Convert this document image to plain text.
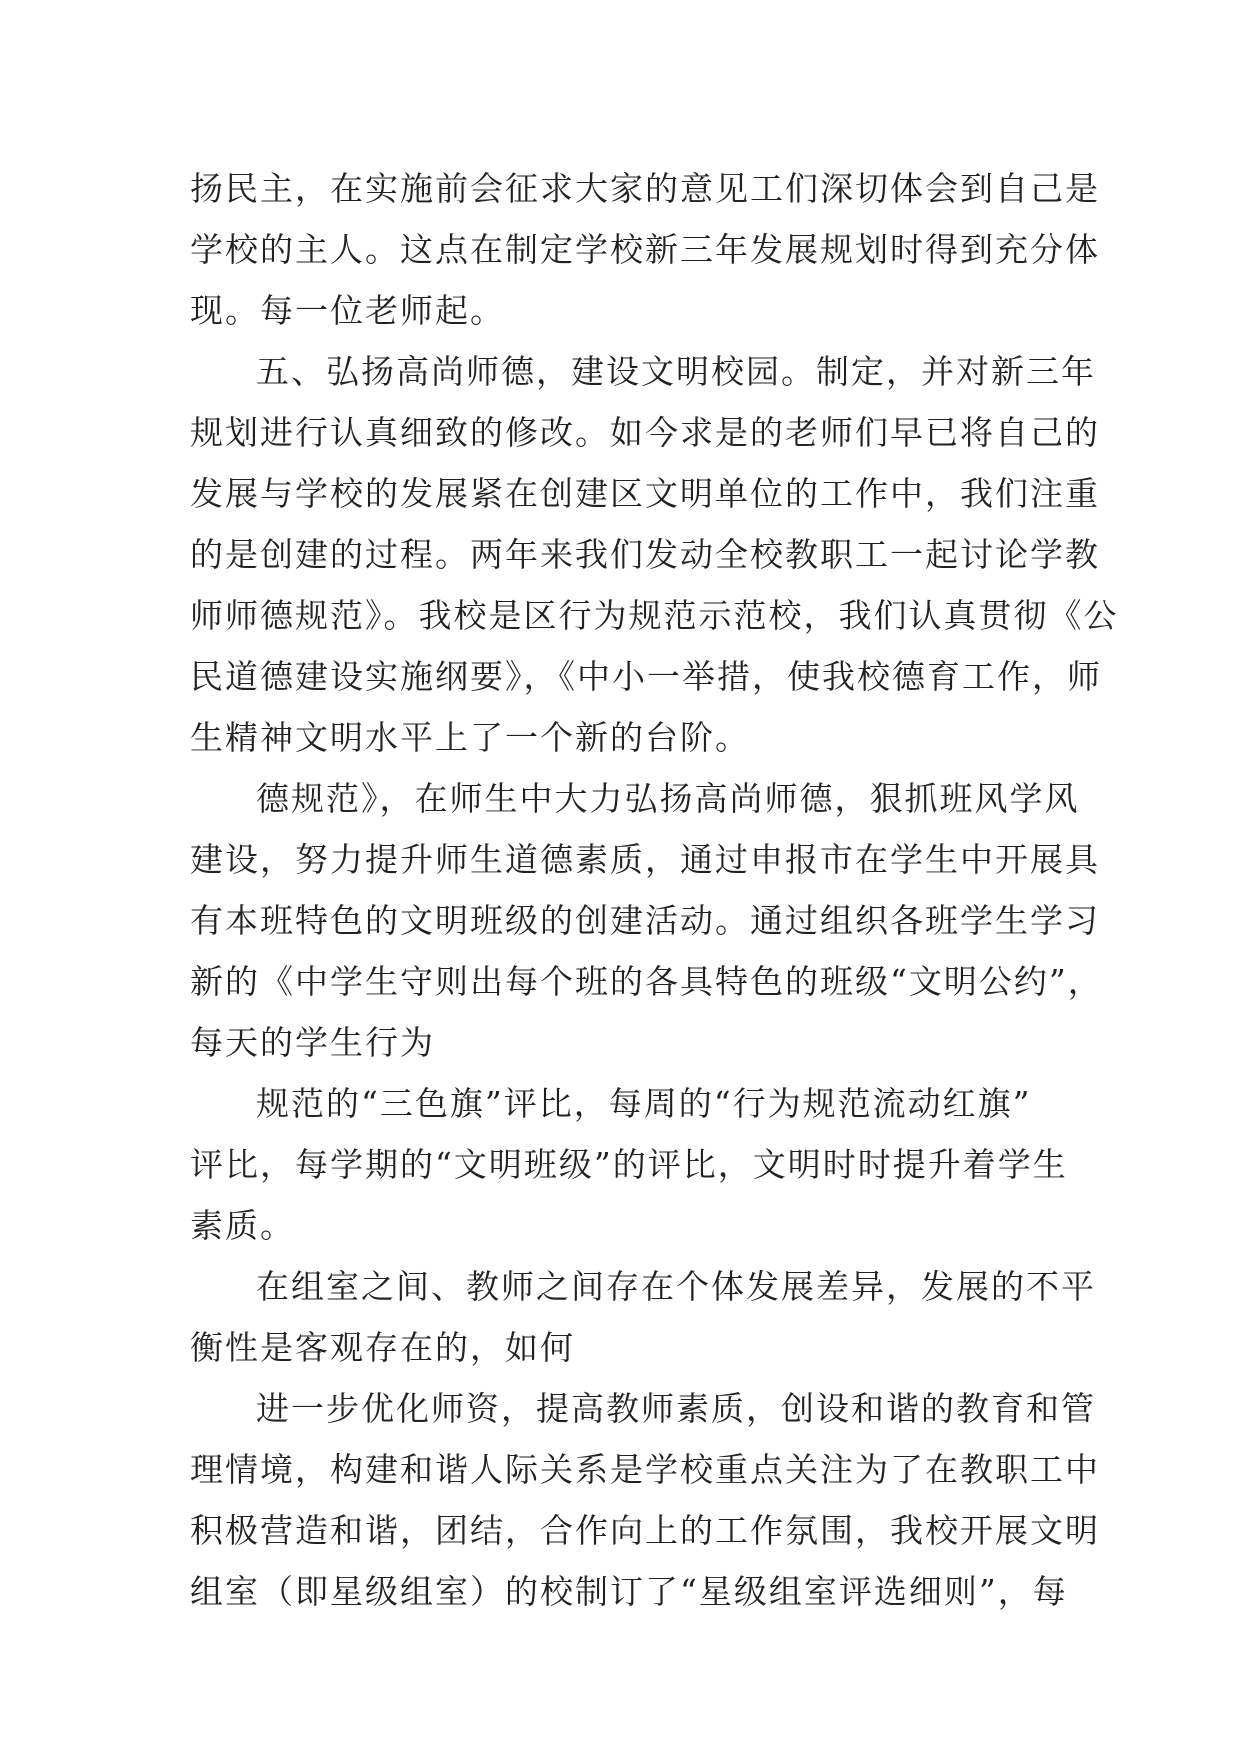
扬民主，在实施前会征求大家的意见工们深切体会到自己是
学校的主人。这点在制定学校新三年发展规划时得到充分体
现。每一位老师起。

五、弘扬高尚师德，建设文明校园。制定，并对新三年
规划进行认真细致的修改。如今求是的老师们早已将自己的
发展与学校的发展紧在创建区文明单位的工作中，我们注重
的是创建的过程。两年来我们发动全校教职工一起讨论学教
师师德规范》。我校是区行为规范示范校，我们认真贯彻《公
民道德建设实施纲要》，《中小一举措，使我校德育工作，师
生精神文明水平上了一个新的台阶。

德规范》，在师生中大力弘扬高尚师德，狠抓班风学风
建设，努力提升师生道德素质，通过申报市在学生中开展具
有本班特色的文明班级的创建活动。通过组织各班学生学习
新的《中学生守则出每个班的各具特色的班级“文明公约”，
每天的学生行为

规范的“三色旗”评比，每周的“行为规范流动红旗”
评比，每学期的“文明班级”的评比，文明时时提升着学生
素质。

在组室之间、教师之间存在个体发展差异，发展的不平
衡性是客观存在的，如何

进一步优化师资，提高教师素质，创设和谐的教育和管
理情境，构建和谐人际关系是学校重点关注为了在教职工中
积极营造和谐，团结，合作向上的工作氛围，我校开展文明
组室（即星级组室）的校制订了“星级组室评选细则”，每
